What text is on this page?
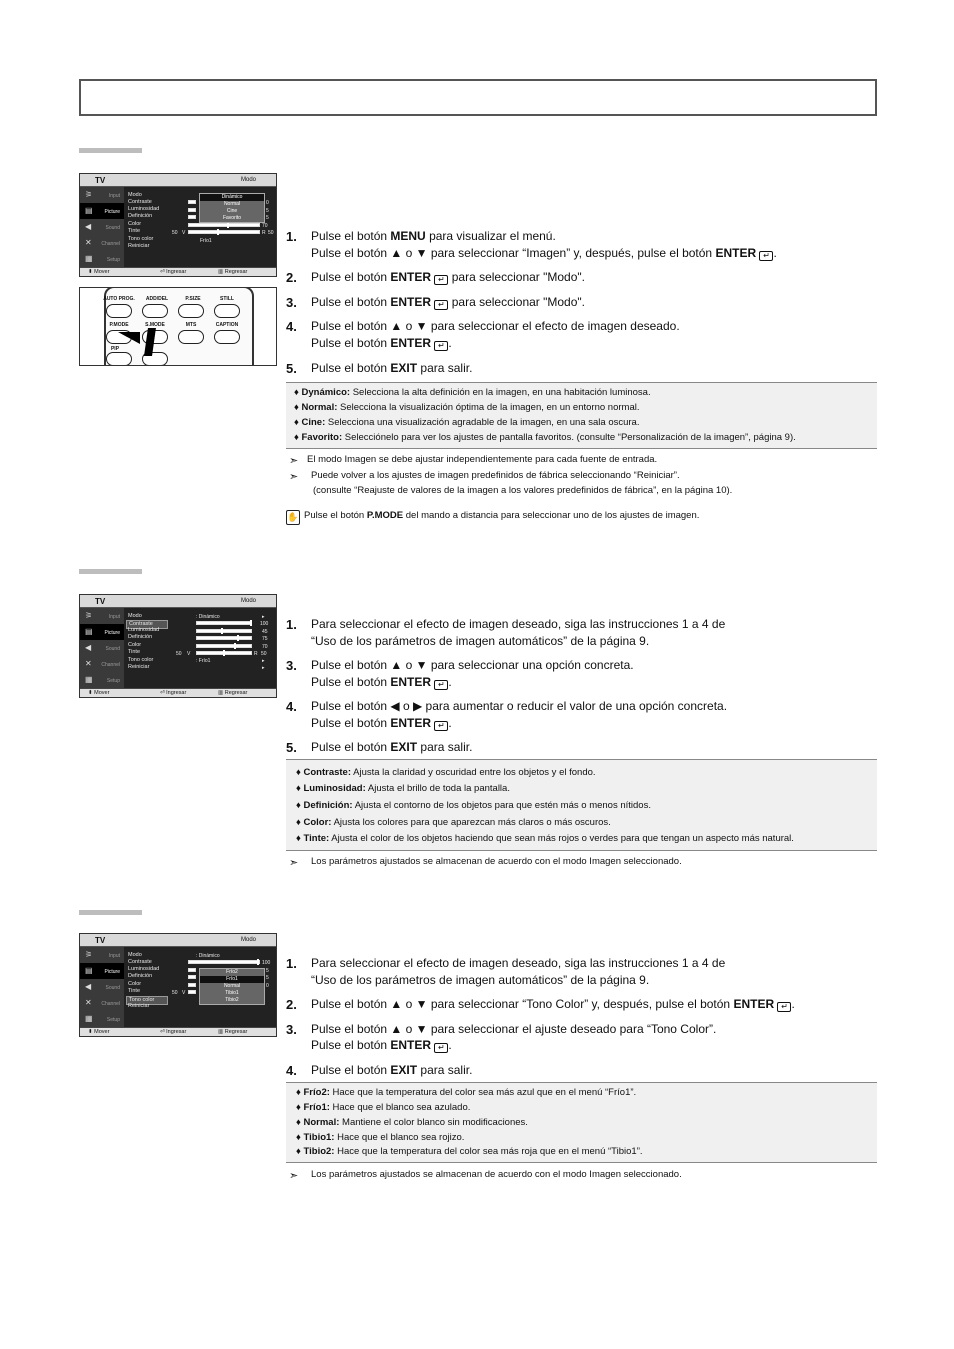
TV	Modo
⚞	Input
▤ Picture
◀	Sound
✕ Channel
▦	Setup
Modo
Contraste
Luminosidad
Definición
Color
Tinte
Tono color
Reiniciar
50 V	R 50
0
5
5
70
Frío1
Dinámico
Normal
Cine
Favorito
⬍ Mover	⏎ Ingresar	▥ Regresar
AUTO PROG.	ADD/DEL	P.SIZE	STILL
P.MODE	S.MODE	MTS	CAPTION
PIP
1. Pulse el botón MENU para visualizar el menú.
Pulse el botón ▲ o ▼ para seleccionar “Imagen” y, después, pulse el botón ENTER ↵ .
2. Pulse el botón ENTER ↵ para seleccionar "Modo".
3. Pulse el botón ENTER ↵ para seleccionar "Modo".
4. Pulse el botón ▲ o ▼ para seleccionar el efecto de imagen deseado.
Pulse el botón ENTER ↵ .
5. Pulse el botón EXIT para salir.
♦ Dynámico: Selecciona la alta definición en la imagen, en una habitación luminosa.
♦ Normal: Selecciona la visualización óptima de la imagen, en un entorno normal.
♦ Cine: Selecciona una visualización agradable de la imagen, en una sala oscura.
♦ Favorito: Selecciónelo para ver los ajustes de pantalla favoritos. (consulte “Personalización de la imagen”, página 9).
➣ El modo Imagen se debe ajustar independientemente para cada fuente de entrada.
➣ Puede volver a los ajustes de imagen predefinidos de fábrica seleccionando “Reiniciar”.
(consulte “Reajuste de valores de la imagen a los valores predefinidos de fábrica”, en la página 10).
✋ Pulse el botón P.MODE del mando a distancia para seleccionar uno de los ajustes de imagen.
TV	Modo
⚞	Input
▤ Picture
◀	Sound
✕ Channel
▦	Setup
Modo
Contraste
Luminosidad
Definición
Color
Tinte
Tono color
Reiniciar
: Dinámico	▸
100
45
75
70
50 V	R 50
: Frío1	▸
▸
⬍ Mover	⏎ Ingresar	▥ Regresar
1. Para seleccionar el efecto de imagen deseado, siga las instrucciones 1 a 4 de
“Uso de los parámetros de imagen automáticos” de la página 9.
3. Pulse el botón ▲ o ▼ para seleccionar una opción concreta.
Pulse el botón ENTER ↵ .
4. Pulse el botón ◀ o ▶ para aumentar o reducir el valor de una opción concreta.
Pulse el botón ENTER ↵ .
5. Pulse el botón EXIT para salir.
♦ Contraste: Ajusta la claridad y oscuridad entre los objetos y el fondo.
♦ Luminosidad: Ajusta el brillo de toda la pantalla.
♦ Definición: Ajusta el contorno de los objetos para que estén más o menos nítidos.
♦ Color: Ajusta los colores para que aparezcan más claros o más oscuros.
♦ Tinte: Ajusta el color de los objetos haciendo que sean más rojos o verdes para que tengan un aspecto más natural.
➣ Los parámetros ajustados se almacenan de acuerdo con el modo Imagen seleccionado.
TV	Modo
⚞	Input
▤ Picture
◀	Sound
✕ Channel
▦	Setup
Modo
Contraste
Luminosidad
Definición
Color
Tinte
Tono color
Reiniciar
: Dinámico
50 V
100
5
5
0
Frío2
Frío1
Normal
Tibio1
Tibio2
⬍ Mover	⏎ Ingresar	▥ Regresar
1. Para seleccionar el efecto de imagen deseado, siga las instrucciones 1 a 4 de
“Uso de los parámetros de imagen automáticos” de la página 9.
2. Pulse el botón ▲ o ▼ para seleccionar “Tono Color” y, después, pulse el botón ENTER ↵ .
3. Pulse el botón ▲ o ▼ para seleccionar el ajuste deseado para “Tono Color”.
Pulse el botón ENTER ↵ .
4. Pulse el botón EXIT para salir.
♦ Frío2: Hace que la temperatura del color sea más azul que en el menú “Frío1”.
♦ Frío1: Hace que el blanco sea azulado.
♦ Normal: Mantiene el color blanco sin modificaciones.
♦ Tibio1: Hace que el blanco sea rojizo.
♦ Tibio2: Hace que la temperatura del color sea más roja que en el menú “Tibio1”.
➣ Los parámetros ajustados se almacenan de acuerdo con el modo Imagen seleccionado.
